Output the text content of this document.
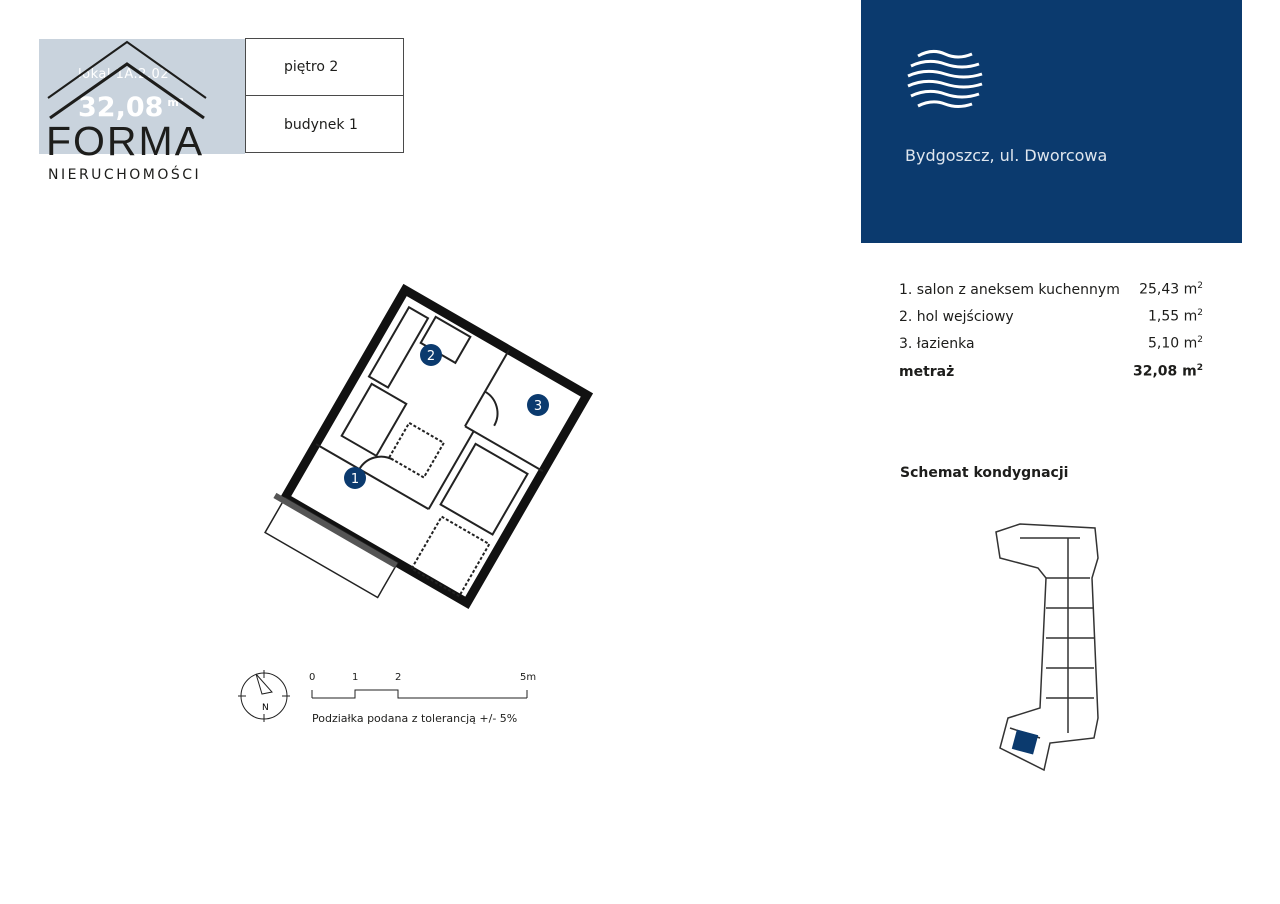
lokal 1A.2.02
32,08 $^{m^2}$
FORMA
NIERUCHOMOŚCI
piętro 2
budynek 1
Bydgoszcz, ul. Dworcowa
1. salon z aneksem kuchennym 25,43 $m^2$
2. hol wejściowy	1,55 $m^2$
3. łazienka	5,10 $m^2$
metraż	32,08 $m^2$
1
2
3
N
0	1	2	5m
Podziałka podana z tolerancją +/- 5%
Schemat kondygnacji
